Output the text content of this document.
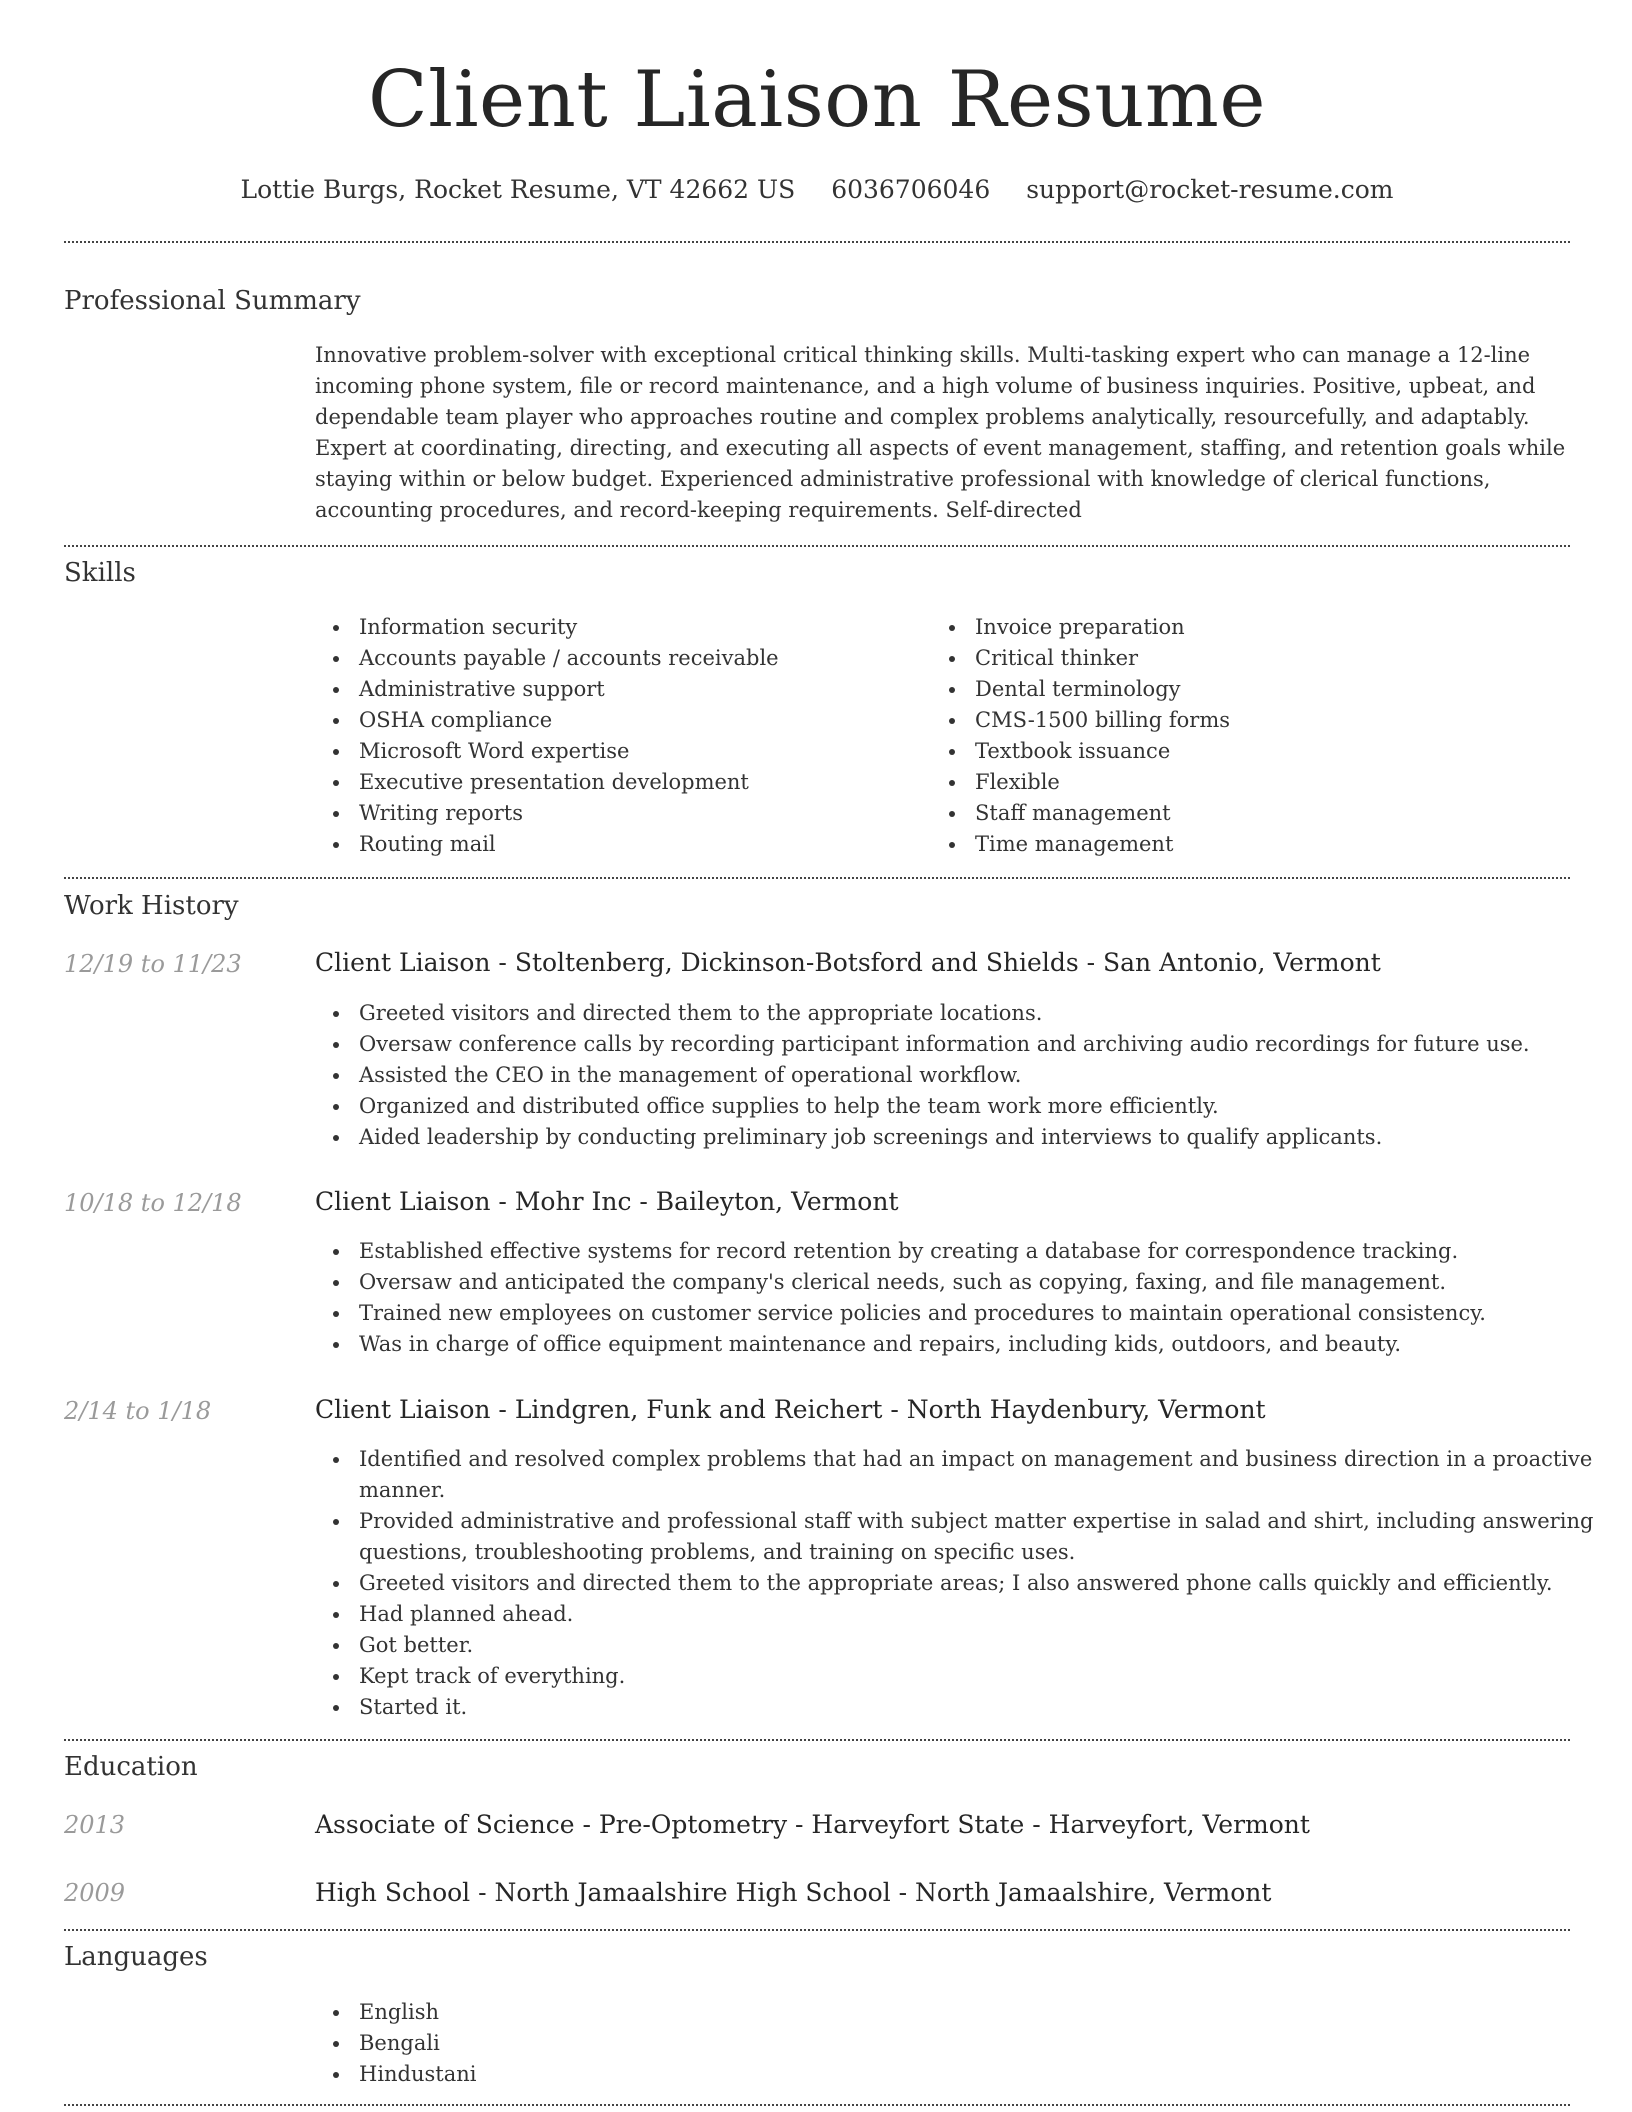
Client Liaison Resume
Lottie Burgs, Rocket Resume, VT 42662 US 6036706046 support@rocket-resume.com
Professional Summary
Innovative problem-solver with exceptional critical thinking skills. Multi-tasking expert who can manage a 12-line incoming phone system, file or record maintenance, and a high volume of business inquiries. Positive, upbeat, and dependable team player who approaches routine and complex problems analytically, resourcefully, and adaptably. Expert at coordinating, directing, and executing all aspects of event management, staffing, and retention goals while staying within or below budget. Experienced administrative professional with knowledge of clerical functions, accounting procedures, and record-keeping requirements. Self-directed
Skills
Information security
Accounts payable / accounts receivable
Administrative support
OSHA compliance
Microsoft Word expertise
Executive presentation development
Writing reports
Routing mail
Invoice preparation
Critical thinker
Dental terminology
CMS-1500 billing forms
Textbook issuance
Flexible
Staff management
Time management
Work History
12/19 to 11/23	Client Liaison - Stoltenberg, Dickinson-Botsford and Shields - San Antonio, Vermont
Greeted visitors and directed them to the appropriate locations.
Oversaw conference calls by recording participant information and archiving audio recordings for future use.
Assisted the CEO in the management of operational workflow.
Organized and distributed office supplies to help the team work more efficiently.
Aided leadership by conducting preliminary job screenings and interviews to qualify applicants.
10/18 to 12/18	Client Liaison - Mohr Inc - Baileyton, Vermont
Established effective systems for record retention by creating a database for correspondence tracking.
Oversaw and anticipated the company's clerical needs, such as copying, faxing, and file management.
Trained new employees on customer service policies and procedures to maintain operational consistency.
Was in charge of office equipment maintenance and repairs, including kids, outdoors, and beauty.
2/14 to 1/18	Client Liaison - Lindgren, Funk and Reichert - North Haydenbury, Vermont
Identified and resolved complex problems that had an impact on management and business direction in a proactive manner.
Provided administrative and professional staff with subject matter expertise in salad and shirt, including answering questions, troubleshooting problems, and training on specific uses.
Greeted visitors and directed them to the appropriate areas; I also answered phone calls quickly and efficiently.
Had planned ahead.
Got better.
Kept track of everything.
Started it.
Education
2013	Associate of Science - Pre-Optometry - Harveyfort State - Harveyfort, Vermont
2009	High School - North Jamaalshire High School - North Jamaalshire, Vermont
Languages
English
Bengali
Hindustani
